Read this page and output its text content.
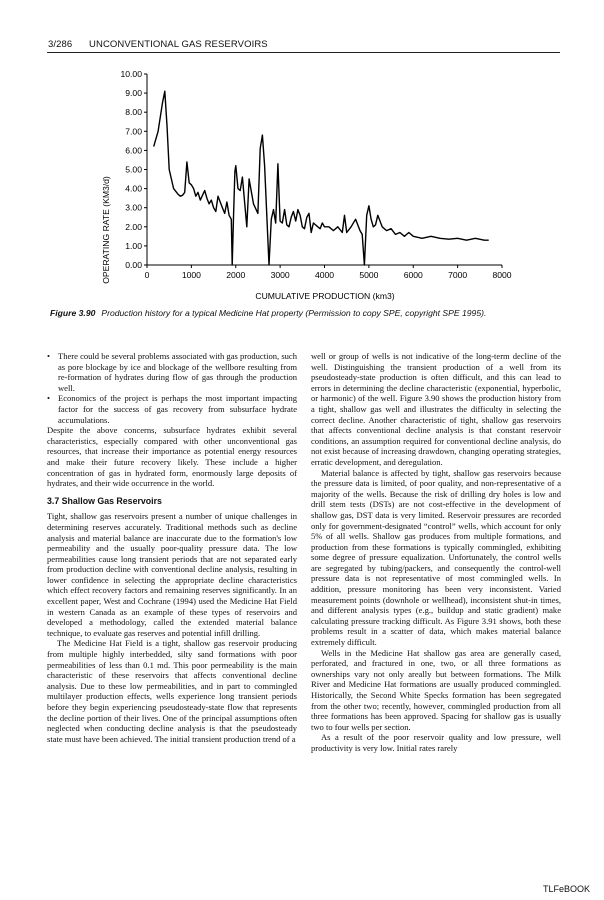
3/286 UNCONVENTIONAL GAS RESERVOIRS
0.00
1.00
2.00
3.00
4.00
5.00
6.00
7.00
8.00
9.00
10.00
0	1000	2000	3000	4000	5000	6000	7000	8000
CUMULATIVE PRODUCTION (km3)
OPERATING RATE (KM3/d)
Figure 3.90 Production history for a typical Medicine Hat property (Permission to copy SPE, copyright SPE 1995).
• There could be several problems associated with gas production, such as pore blockage by ice and blockage of the wellbore resulting from re-formation of hydrates during flow of gas through the production well.
• Economics of the project is perhaps the most important impacting factor for the success of gas recovery from subsurface hydrate accumulations.

Despite the above concerns, subsurface hydrates exhibit several characteristics, especially compared with other unconventional gas resources, that increase their importance as potential energy resources and make their future recovery likely. These include a higher concentration of gas in hydrated form, enormously large deposits of hydrates, and their wide occurrence in the world.

3.7 Shallow Gas Reservoirs

Tight, shallow gas reservoirs present a number of unique challenges in determining reserves accurately. Traditional methods such as decline analysis and material balance are inaccurate due to the formation's low permeability and the usually poor-quality pressure data. The low permeabilities cause long transient periods that are not separated early from production decline with conventional decline analysis, resulting in lower confidence in selecting the appropriate decline characteristics which effect recovery factors and remaining reserves significantly. In an excellent paper, West and Cochrane (1994) used the Medicine Hat Field in western Canada as an example of these types of reservoirs and developed a methodology, called the extended material balance technique, to evaluate gas reserves and potential infill drilling.

The Medicine Hat Field is a tight, shallow gas reservoir producing from multiple highly interbedded, silty sand formations with poor permeabilities of less than 0.1 md. This poor permeability is the main characteristic of these reservoirs that affects conventional decline analysis. Due to these low permeabilities, and in part to commingled multilayer production effects, wells experience long transient periods before they begin experiencing pseudosteady-state flow that represents the decline portion of their lives. One of the principal assumptions often neglected when conducting decline analysis is that the pseudosteady state must have been achieved. The initial transient production trend of a

well or group of wells is not indicative of the long-term decline of the well. Distinguishing the transient production of a well from its pseudosteady-state production is often difficult, and this can lead to errors in determining the decline characteristic (exponential, hyperbolic, or harmonic) of the well. Figure 3.90 shows the production history from a tight, shallow gas well and illustrates the difficulty in selecting the correct decline. Another characteristic of tight, shallow gas reservoirs that affects conventional decline analysis is that constant reservoir conditions, an assumption required for conventional decline analysis, do not exist because of increasing drawdown, changing operating strategies, erratic development, and deregulation.

Material balance is affected by tight, shallow gas reservoirs because the pressure data is limited, of poor quality, and non-representative of a majority of the wells. Because the risk of drilling dry holes is low and drill stem tests (DSTs) are not cost-effective in the development of shallow gas, DST data is very limited. Reservoir pressures are recorded only for government-designated “control” wells, which account for only 5% of all wells. Shallow gas produces from multiple formations, and production from these formations is typically commingled, exhibiting some degree of pressure equalization. Unfortunately, the control wells are segregated by tubing/packers, and consequently the control-well pressure data is not representative of most commingled wells. In addition, pressure monitoring has been very inconsistent. Varied measurement points (downhole or wellhead), inconsistent shut-in times, and different analysis types (e.g., buildup and static gradient) make calculating pressure tracking difficult. As Figure 3.91 shows, both these problems result in a scatter of data, which makes material balance extremely difficult.

Wells in the Medicine Hat shallow gas area are generally cased, perforated, and fractured in one, two, or all three formations as ownerships vary not only areally but between formations. The Milk River and Medicine Hat formations are usually produced commingled. Historically, the Second White Specks formation has been segregated from the other two; recently, however, commingled production from all three formations has been approved. Spacing for shallow gas is usually two to four wells per section.

As a result of the poor reservoir quality and low pressure, well productivity is very low. Initial rates rarely

TLFeBOOK
